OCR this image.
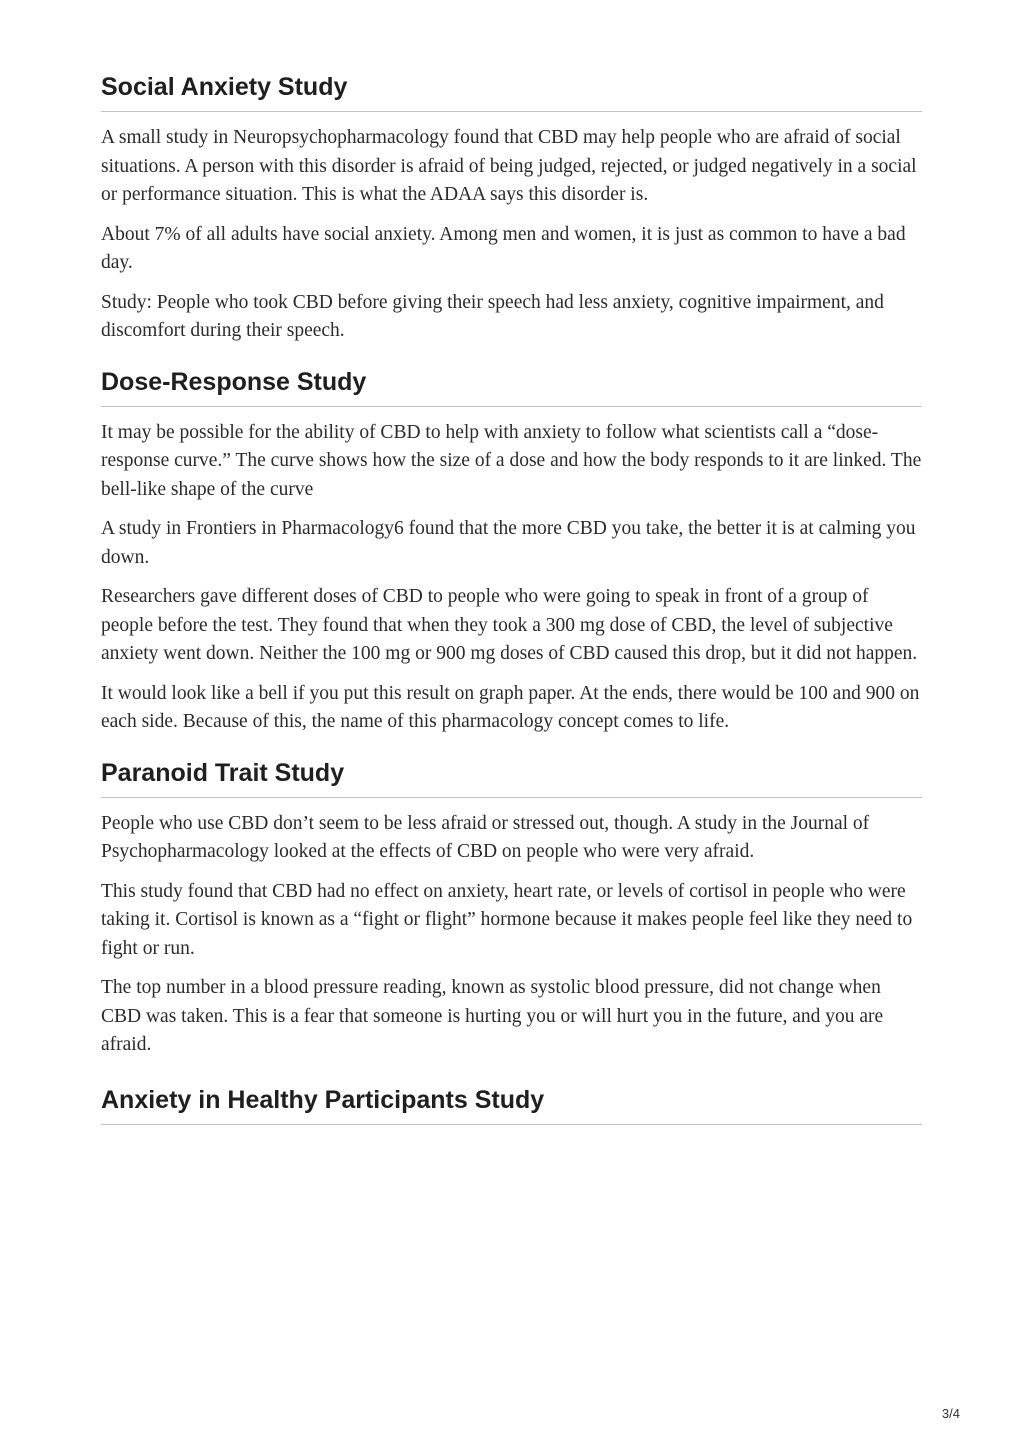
Social Anxiety Study

A small study in Neuropsychopharmacology found that CBD may help people who are afraid of social situations. A person with this disorder is afraid of being judged, rejected, or judged negatively in a social or performance situation. This is what the ADAA says this disorder is.

About 7% of all adults have social anxiety. Among men and women, it is just as common to have a bad day.

Study: People who took CBD before giving their speech had less anxiety, cognitive impairment, and discomfort during their speech.

Dose-Response Study

It may be possible for the ability of CBD to help with anxiety to follow what scientists call a “dose-response curve.” The curve shows how the size of a dose and how the body responds to it are linked. The bell-like shape of the curve

A study in Frontiers in Pharmacology6 found that the more CBD you take, the better it is at calming you down.

Researchers gave different doses of CBD to people who were going to speak in front of a group of people before the test. They found that when they took a 300 mg dose of CBD, the level of subjective anxiety went down. Neither the 100 mg or 900 mg doses of CBD caused this drop, but it did not happen.

It would look like a bell if you put this result on graph paper. At the ends, there would be 100 and 900 on each side. Because of this, the name of this pharmacology concept comes to life.

Paranoid Trait Study

People who use CBD don’t seem to be less afraid or stressed out, though. A study in the Journal of Psychopharmacology looked at the effects of CBD on people who were very afraid.

This study found that CBD had no effect on anxiety, heart rate, or levels of cortisol in people who were taking it. Cortisol is known as a “fight or flight” hormone because it makes people feel like they need to fight or run.

The top number in a blood pressure reading, known as systolic blood pressure, did not change when CBD was taken. This is a fear that someone is hurting you or will hurt you in the future, and you are afraid.

Anxiety in Healthy Participants Study
3/4
